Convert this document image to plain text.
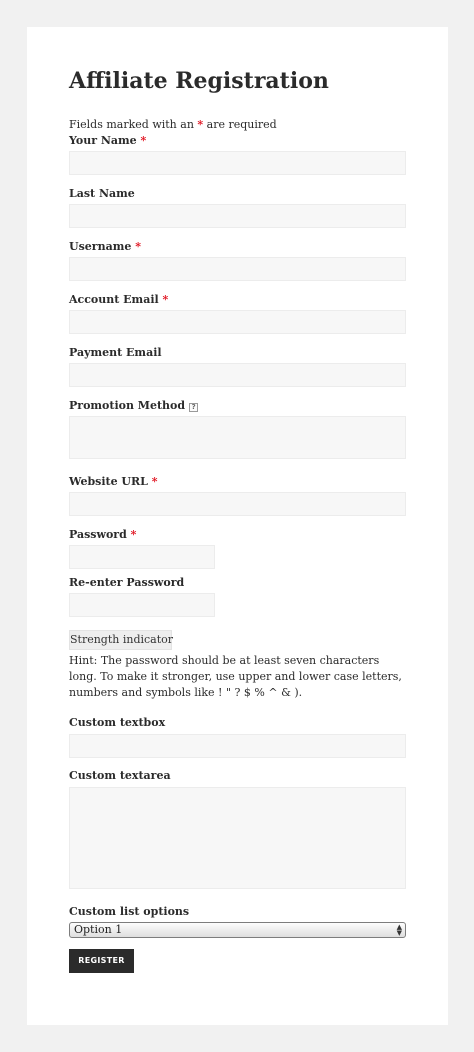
Affiliate Registration
Fields marked with an * are required
Your Name *
Last Name
Username *
Account Email *
Payment Email
Promotion Method ?
Website URL *
Password *
Re-enter Password
Strength indicator

Hint: The password should be at least seven characters long. To make it stronger, use upper and lower case letters, numbers and symbols like ! " ? $ % ^ & ).

Custom textbox
Custom textarea
Custom list options
Option 1	▲
▼
REGISTER
